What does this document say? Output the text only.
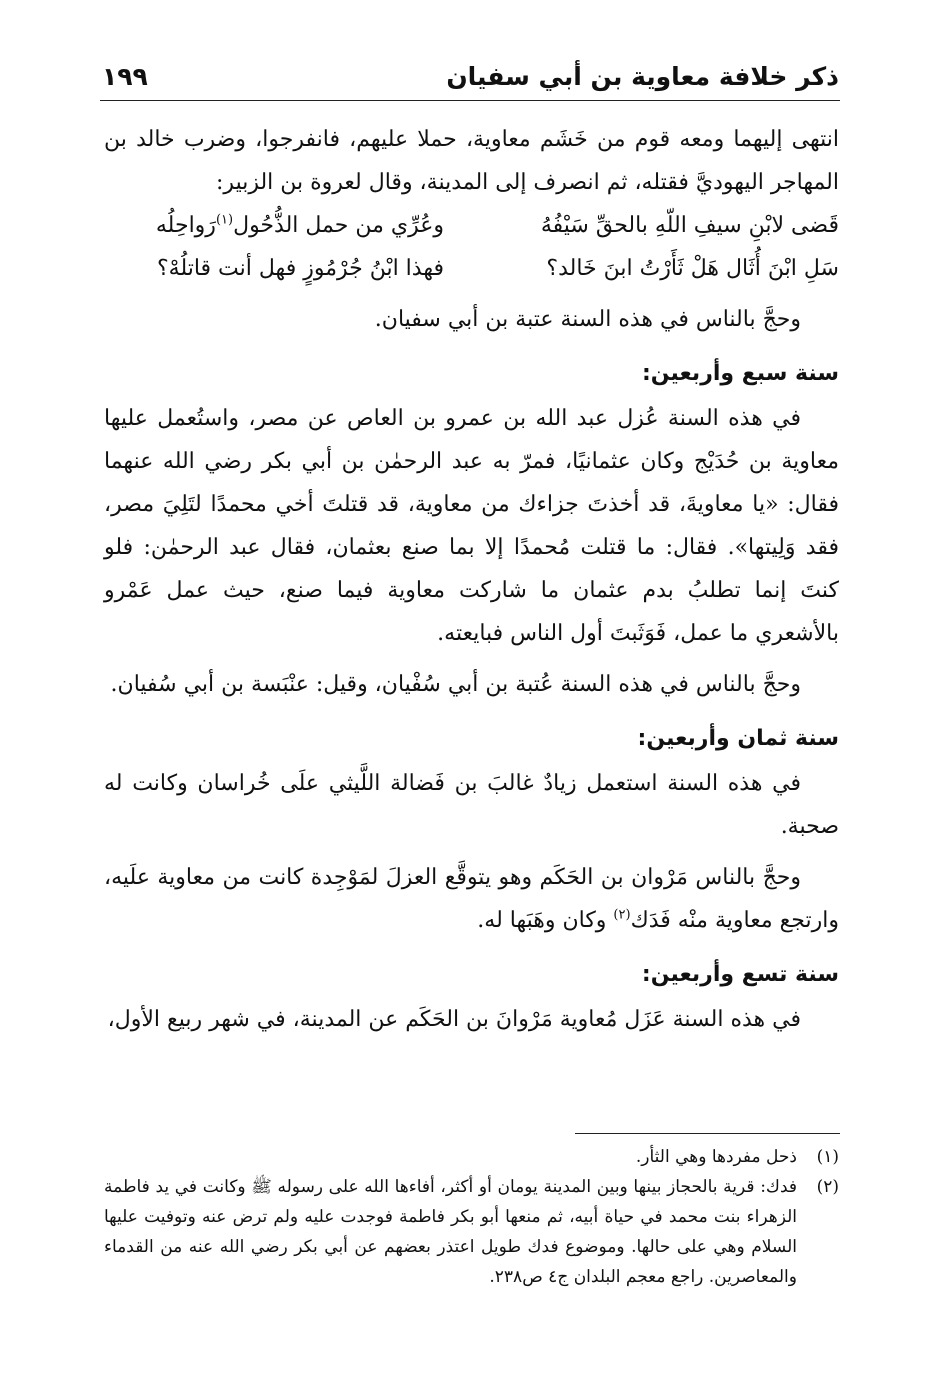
ذكر خلافة معاوية بن أبي سفيان
١٩٩

انتهى إليهما ومعه قوم من خَشَم معاوية، حملا عليهم، فانفرجوا، وضرب خالد بن المهاجر اليهوديَّ فقتله، ثم انصرف إلى المدينة، وقال لعروة بن الزبير:

قَضى لابْنِ سيفِ اللّهِ بالحقِّ سَيْفُهُ
وعُرِّي من حمل الذُّحُول$^{(١)}$رَواحِلُه
سَلِ ابْنَ أُثَال هَلْ ثَأَرْتُ ابنَ خَالد؟
فهذا ابْنُ جُرْمُوزٍ فهل أنت قاتلُهْ؟

وحجَّ بالناس في هذه السنة عتبة بن أبي سفيان.

سنة سبع وأربعين:

في هذه السنة عُزل عبد الله بن عمرو بن العاص عن مصر، واستُعمل عليها معاوية بن حُدَيْج وكان عثمانيًا، فمرّ به عبد الرحمٰن بن أبي بكر رضي الله عنهما فقال: «يا معاويةَ، قد أخذتَ جزاءك من معاوية، قد قتلتَ أخي محمدًا لتَلِيَ مصر، فقد وَلِيتها». فقال: ما قتلت مُحمدًا إلا بما صنع بعثمان، فقال عبد الرحمٰن: فلو كنتَ إنما تطلبُ بدم عثمان ما شاركت معاوية فيما صنع، حيث عمل عَمْرو بالأشعري ما عمل، فَوَثَبتَ أول الناس فبايعته.

وحجَّ بالناس في هذه السنة عُتبة بن أبي سُفْيان، وقيل: عنْبَسة بن أبي سُفيان.

سنة ثمان وأربعين:

في هذه السنة استعمل زيادٌ غالبَ بن فَضالة اللَّيثي علَى خُراسان وكانت له صحبة.

وحجَّ بالناس مَرْوان بن الحَكَم وهو يتوقَّع العزلَ لمَوْجِدة كانت من معاوية علَيه، وارتجع معاوية منْه فَدَك$^{(٢)}$ وكان وهَبَها له.

سنة تسع وأربعين:

في هذه السنة عَزَل مُعاوية مَرْوانَ بن الحَكَم عن المدينة، في شهر ربيع الأول،

(١)
ذحل مفردها وهي الثأر.
(٢)
فدك: قرية بالحجاز بينها وبين المدينة يومان أو أكثر، أفاءها الله على رسوله ﷺ وكانت في يد فاطمة الزهراء بنت محمد في حياة أبيه، ثم منعها أبو بكر فاطمة فوجدت عليه ولم ترض عنه وتوفيت عليها السلام وهي على حالها. وموضوع فدك طويل اعتذر بعضهم عن أبي بكر رضي الله عنه من القدماء والمعاصرين. راجع معجم البلدان ج٤ ص٢٣٨.
